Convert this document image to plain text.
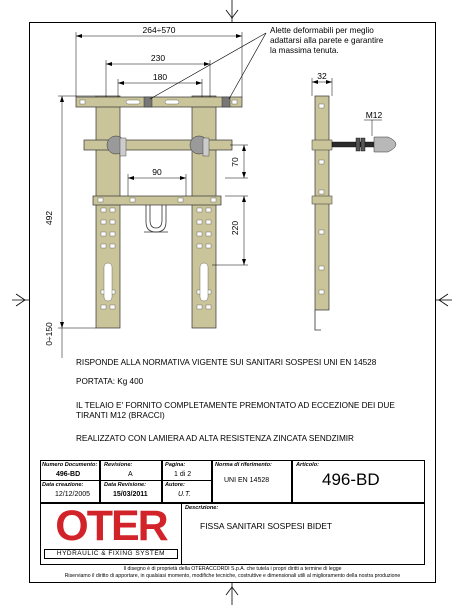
264÷570
230
180
492
0÷150
90
70
220
32
M12
Alette deformabili per meglio
adattarsi alla parete e garantire
la massima tenuta.
RISPONDE ALLA NORMATIVA VIGENTE SUI SANITARI SOSPESI UNI EN 14528
PORTATA: Kg 400
IL TELAIO E' FORNITO COMPLETAMENTE PREMONTATO AD ECCEZIONE DEI DUE
TIRANTI M12 (BRACCI)
REALIZZATO CON LAMIERA AD ALTA RESISTENZA ZINCATA SENDZIMIR
Numero Documento:
496-BD
Revisione:
A
Pagina:
1 di 2
Norma di riferimento:
UNI EN 14528
Articolo:
496-BD
Data creazione:
12/12/2005
Data Revisione:
15/03/2011
Autore:
U.T.
OTER
HYDRAULIC & FIXING SYSTEM
Descrizione:
FISSA SANITARI SOSPESI BIDET
Il disegno è di proprietà della OTERACCORDI S.p.A. che tutela i propri diritti a termine di legge
Riserviamo il diritto di apportare, in qualsiasi momento, modifiche tecniche, costruttive e dimensionali utili al miglioramento della nostra produzione
